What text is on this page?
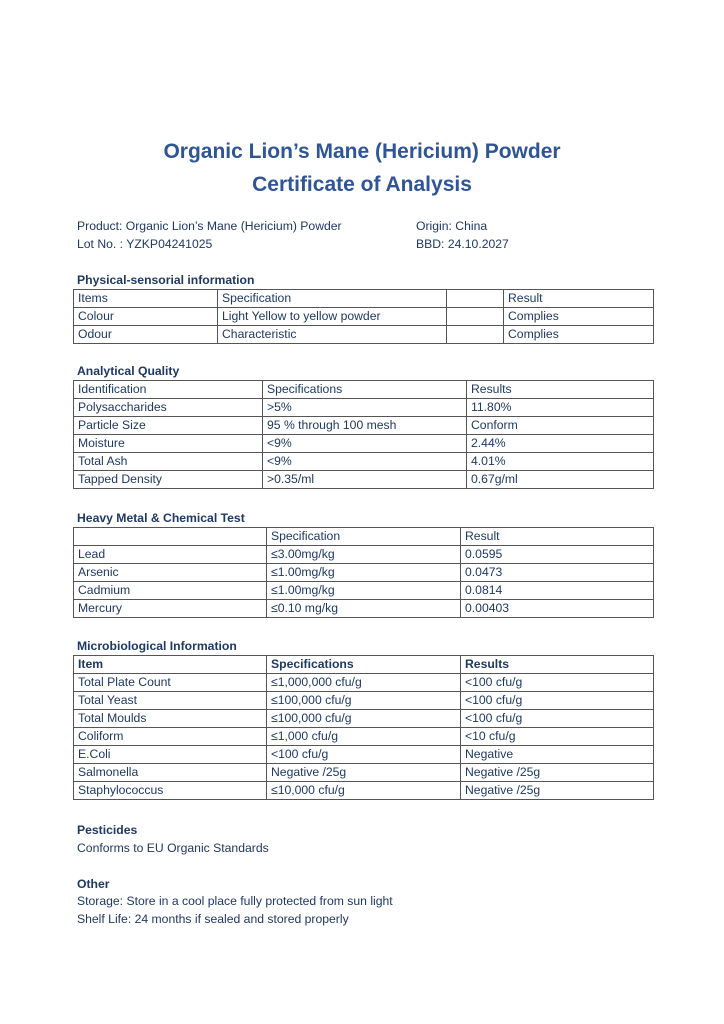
Organic Lion’s Mane (Hericium) Powder
Certificate of Analysis
Product: Organic Lion’s Mane (Hericium) Powder	Origin: China
Lot No. : YZKP04241025	BBD: 24.10.2027
Physical-sensorial information
Items	Specification		Result
Colour	Light Yellow to yellow powder		Complies
Odour	Characteristic		Complies
Analytical Quality
Identification	Specifications	Results
Polysaccharides	>5%	11.80%
Particle Size	95 % through 100 mesh	Conform
Moisture	<9%	2.44%
Total Ash	<9%	4.01%
Tapped Density	>0.35/ml	0.67g/ml
Heavy Metal & Chemical Test
	Specification	Result
Lead	≤3.00mg/kg	0.0595
Arsenic	≤1.00mg/kg	0.0473
Cadmium	≤1.00mg/kg	0.0814
Mercury	≤0.10 mg/kg	0.00403
Microbiological Information
Item	Specifications	Results
Total Plate Count	≤1,000,000 cfu/g	<100 cfu/g
Total Yeast	≤100,000 cfu/g	<100 cfu/g
Total Moulds	≤100,000 cfu/g	<100 cfu/g
Coliform	≤1,000 cfu/g	<10 cfu/g
E.Coli	<100 cfu/g	Negative
Salmonella	Negative /25g	Negative /25g
Staphylococcus	≤10,000 cfu/g	Negative /25g
Pesticides
Conforms to EU Organic Standards
Other
Storage: Store in a cool place fully protected from sun light
Shelf Life: 24 months if sealed and stored properly
